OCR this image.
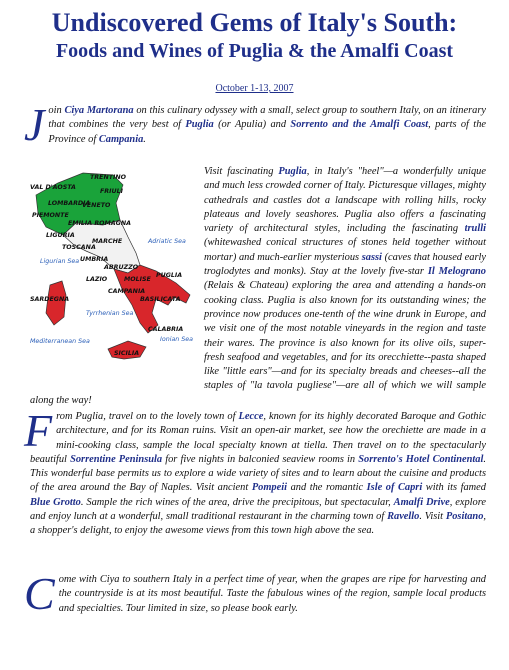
Undiscovered Gems of Italy's South:
Foods and Wines of Puglia & the Amalfi Coast
October 1-13, 2007
Join Ciya Martorana on this culinary odyssey with a small, select group to southern Italy, on an itinerary that combines the very best of Puglia (or Apulia) and Sorrento and the Amalfi Coast, parts of the Province of Campania.
VAL D'AOSTA
TRENTINO
LOMBARDIA
FRIULI
VENETO
PIEMONTE
EMILIA ROMAGNA
LIGURIA
TOSCANA
MARCHE
UMBRIA
ABRUZZO
LAZIO	MOLISE
PUGLIA
CAMPANIA
BASILICATA
SARDEGNA
CALABRIA
SICILIA
Ligurian Sea
Adriatic Sea
Tyrrhenian Sea
Ionian Sea
Mediterranean Sea
Visit fascinating Puglia, in Italy's "heel"—a wonderfully unique and much less crowded corner of Italy. Picturesque villages, mighty cathedrals and castles dot a landscape with rolling hills, rocky plateaus and lovely seashores. Puglia also offers a fascinating variety of architectural styles, including the fascinating trulli (whitewashed conical structures of stones held together without mortar) and much-earlier mysterious sassi (caves that housed early troglodytes and monks). Stay at the lovely five-star Il Melograno (Relais & Chateau) exploring the area and attending a hands-on cooking class. Puglia is also known for its outstanding wines; the province now produces one-tenth of the wine drunk in Europe, and we visit one of the most notable vineyards in the region and taste their wares. The province is also known for its olive oils, super-fresh seafood and vegetables, and for its orecchiette--pasta shaped like "little ears"—and for its specialty breads and cheeses--all the staples of "la tavola pugliese"—are all of which we will sample along the way!
From Puglia, travel on to the lovely town of Lecce, known for its highly decorated Baroque and Gothic architecture, and for its Roman ruins. Visit an open-air market, see how the orechiette are made in a mini-cooking class, sample the local specialty known at tiella. Then travel on to the spectacularly beautiful Sorrentine Peninsula for five nights in balconied seaview rooms in Sorrento's Hotel Continental. This wonderful base permits us to explore a wide variety of sites and to learn about the cuisine and products of the area around the Bay of Naples. Visit ancient Pompeii and the romantic Isle of Capri with its famed Blue Grotto. Sample the rich wines of the area, drive the precipitous, but spectacular, Amalfi Drive, explore and enjoy lunch at a wonderful, small traditional restaurant in the charming town of Ravello. Visit Positano, a shopper's delight, to enjoy the awesome views from this town high above the sea.
Come with Ciya to southern Italy in a perfect time of year, when the grapes are ripe for harvesting and the countryside is at its most beautiful. Taste the fabulous wines of the region, sample local products and specialties. Tour limited in size, so please book early.
